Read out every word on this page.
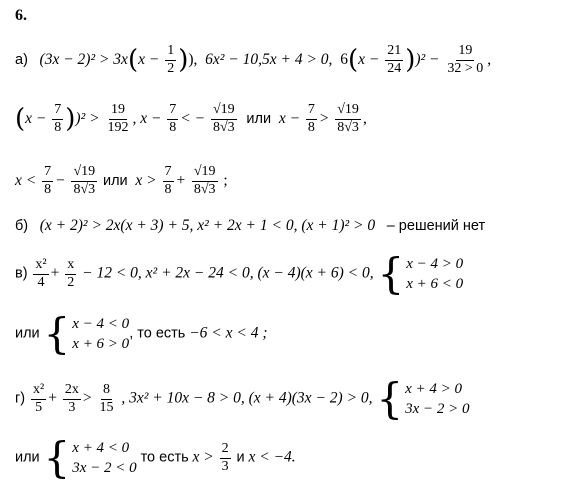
6.
а) $(3x - 2)^2 > 3x(x - \frac{1}{2}$ )), 6x² − 10,5x + 4 > 0, $6(x - \frac{21}{24} ))^2 - \frac{19}{32 > 0}$ ,
$(x - \frac{7}{8} ))^2 > \frac{19}{192}$ , $x - \frac{7}{8}$ < − $\frac{√19}{8√3}$ или $x - \frac{7}{8} > \frac{√19}{8√3}$ ,
$x < \frac{7}{8} - \frac{√19}{8√3}$ или $x > \frac{7}{8} + \frac{√19}{8√3}$ ;
б) (x + 2)² > 2x(x + 3) + 5, x² + 2x + 1 < 0, (x + 1)² > 0 – решений нет
$в) \frac{\text{x²}}{4} + \frac{x}{2} - 12 < 0$, x² + 2x − 24 < 0, (x − 4)(x + 6) < 0, { x − 4 > 0
x + 6 < 0
или { x − 4 < 0
x + 6 > 0
, то есть −6 < x < 4 ;
$г) \frac{\text{x²}}{5} + \frac{2x}{3} > \frac{8}{15}$ , 3x² + 10x − 8 > 0, (x + 4)(3x − 2) > 0, { x + 4 > 0
3x − 2 > 0
или { x + 4 < 0
3x − 2 < 0
то есть $x > \frac{2}{3}$ и x < −4.
